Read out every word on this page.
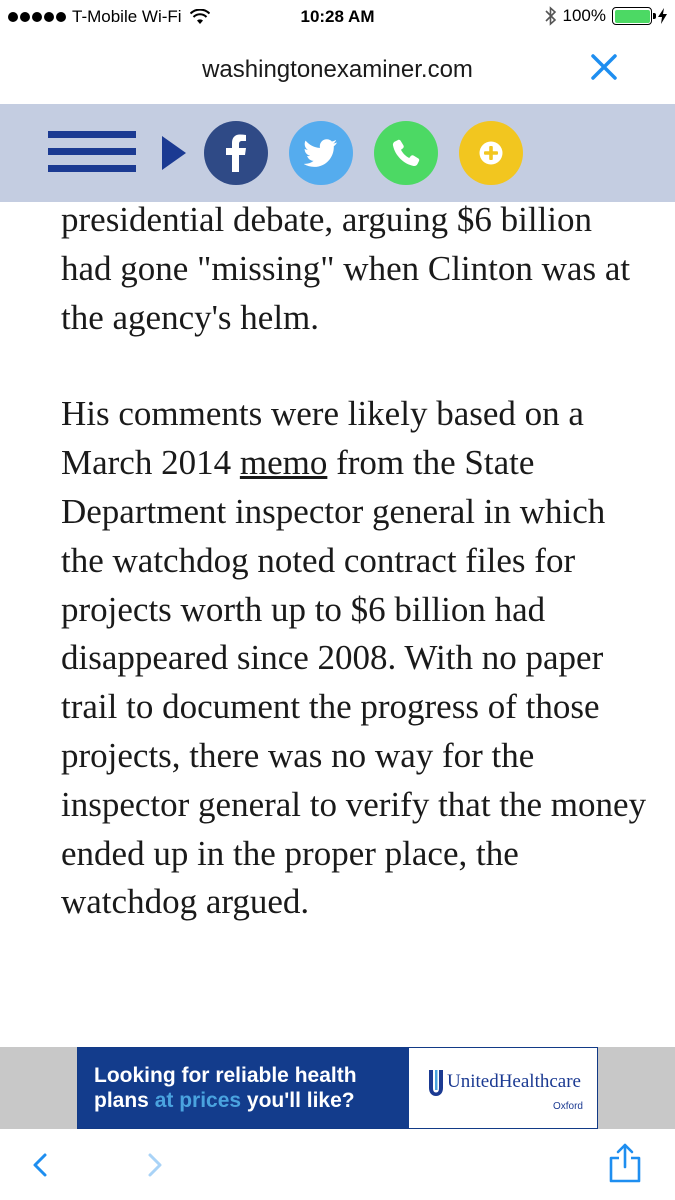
T-Mobile Wi-Fi	10:28 AM	100%
washingtonexaminer.com

presidential debate, arguing $6 billion had gone "missing" when Clinton was at the agency's helm.

His comments were likely based on a March 2014 memo from the State Department inspector general in which the watchdog noted contract files for projects worth up to $6 billion had disappeared since 2008. With no paper trail to document the progress of those projects, there was no way for the inspector general to verify that the money ended up in the proper place, the watchdog argued.

Looking for reliable health
plans at prices you'll like?
UnitedHealthcare
Oxford
